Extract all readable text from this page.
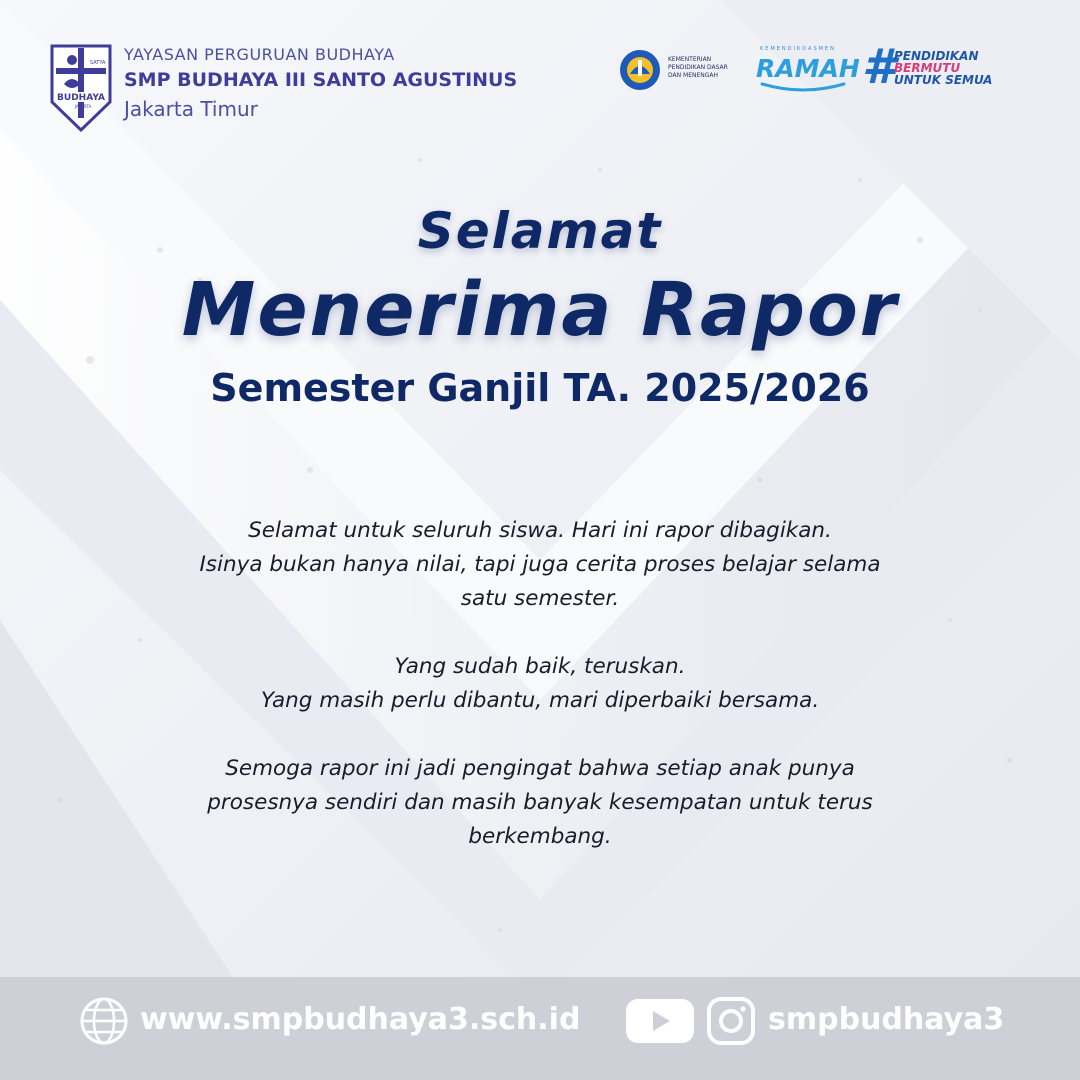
SATYA
BUDHAYA
JAKARTA
YAYASAN PERGURUAN BUDHAYA
SMP BUDHAYA III SANTO AGUSTINUS
Jakarta Timur
KEMENTERIAN
PENDIDIKAN DASAR
DAN MENENGAH
KEMENDIKDASMEN
RAMAH #
PENDIDIKAN
BERMUTU
UNTUK SEMUA
Selamat
Menerima Rapor
Semester Ganjil TA. 2025/2026
Selamat untuk seluruh siswa. Hari ini rapor dibagikan.
Isinya bukan hanya nilai, tapi juga cerita proses belajar selama
satu semester.
Yang sudah baik, teruskan.
Yang masih perlu dibantu, mari diperbaiki bersama.
Semoga rapor ini jadi pengingat bahwa setiap anak punya
prosesnya sendiri dan masih banyak kesempatan untuk terus
berkembang.
www.smpbudhaya3.sch.id	smpbudhaya3
